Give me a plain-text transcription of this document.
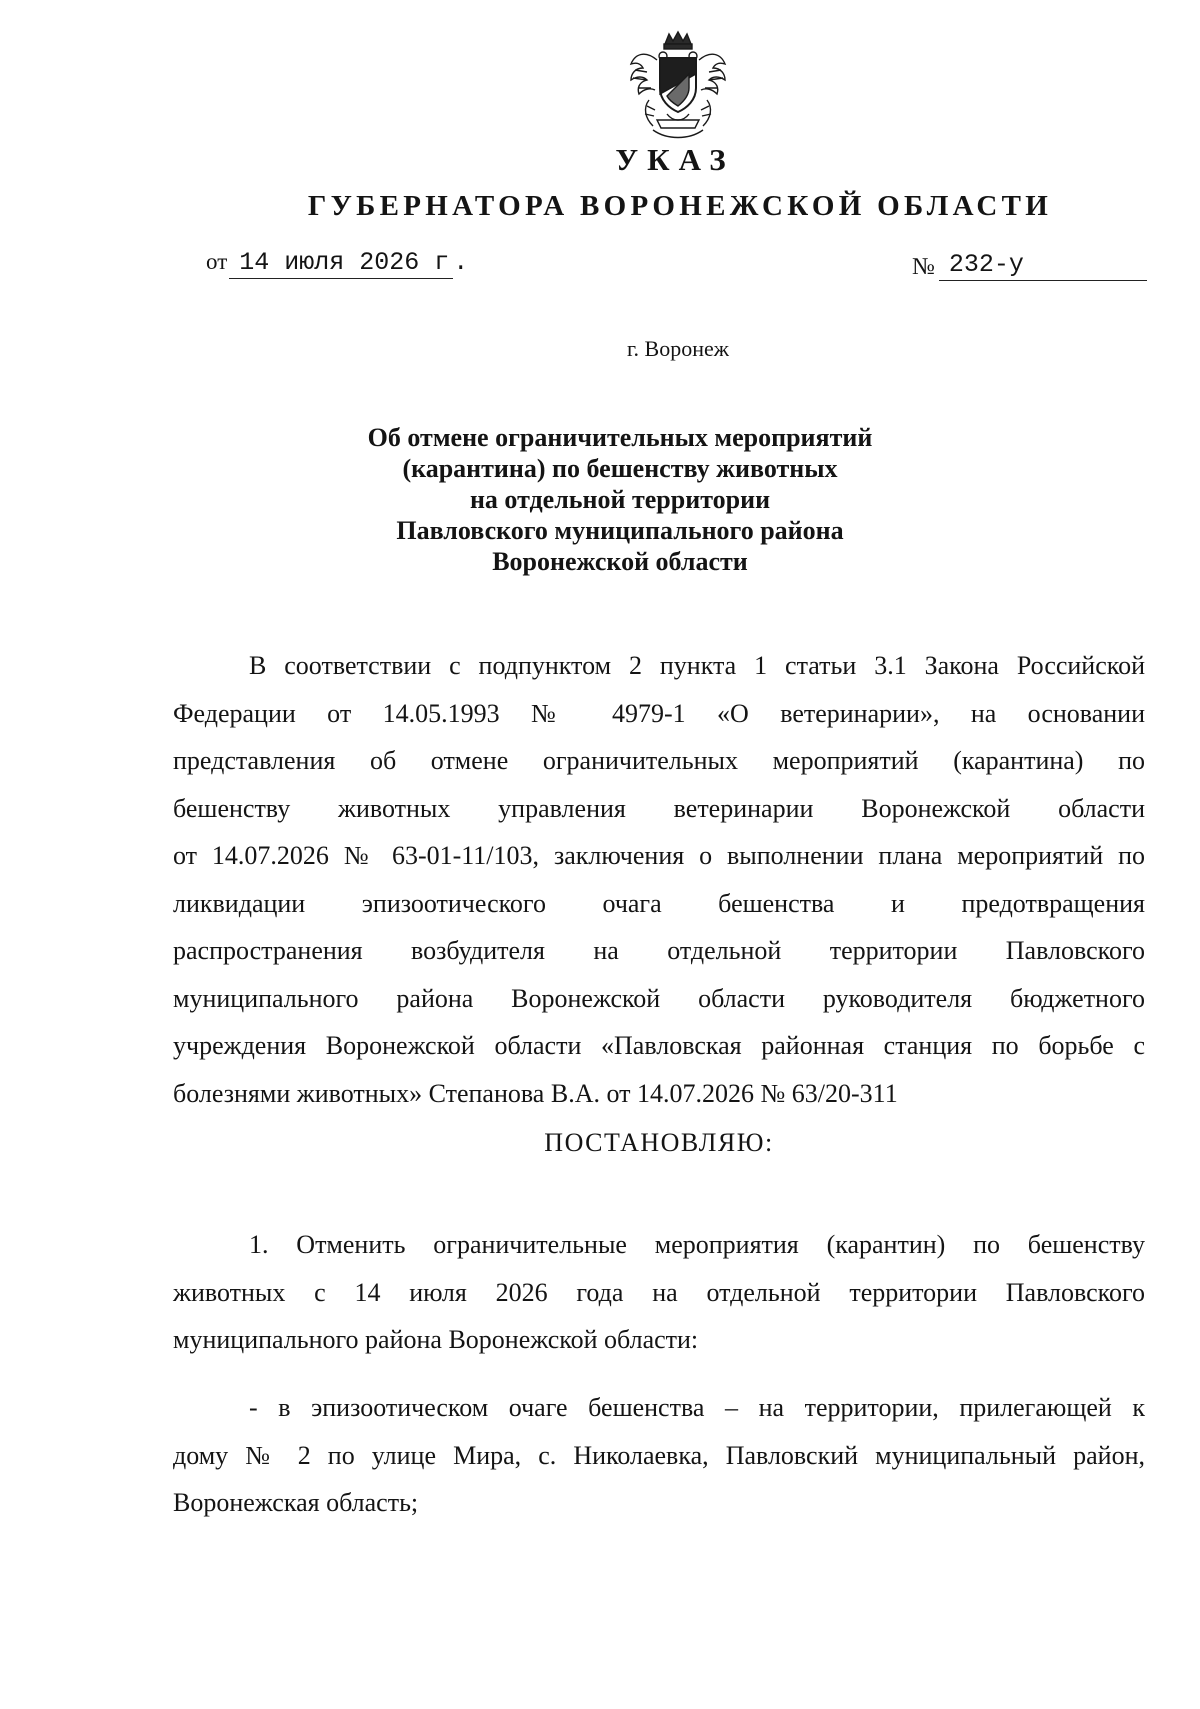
УКАЗ
ГУБЕРНАТОРА ВОРОНЕЖСКОЙ ОБЛАСТИ
от 14 июля 2026 г .	№ 232-у
г. Воронеж
Об отмене ограничительных мероприятий
(карантина) по бешенству животных
на отдельной территории
Павловского муниципального района
Воронежской области
В соответствии с подпунктом 2 пункта 1 статьи 3.1 Закона Российской
Федерации от 14.05.1993 № 4979-1 «О ветеринарии», на основании
представления об отмене ограничительных мероприятий (карантина) по
бешенству животных управления ветеринарии Воронежской области
от 14.07.2026 № 63-01-11/103, заключения о выполнении плана мероприятий по
ликвидации эпизоотического очага бешенства и предотвращения
распространения возбудителя на отдельной территории Павловского
муниципального района Воронежской области руководителя бюджетного
учреждения Воронежской области «Павловская районная станция по борьбе с
болезнями животных» Степанова В.А. от 14.07.2026 № 63/20-311
ПОСТАНОВЛЯЮ:
1. Отменить ограничительные мероприятия (карантин) по бешенству
животных с 14 июля 2026 года на отдельной территории Павловского
муниципального района Воронежской области:
- в эпизоотическом очаге бешенства – на территории, прилегающей к
дому № 2 по улице Мира, с. Николаевка, Павловский муниципальный район,
Воронежская область;
